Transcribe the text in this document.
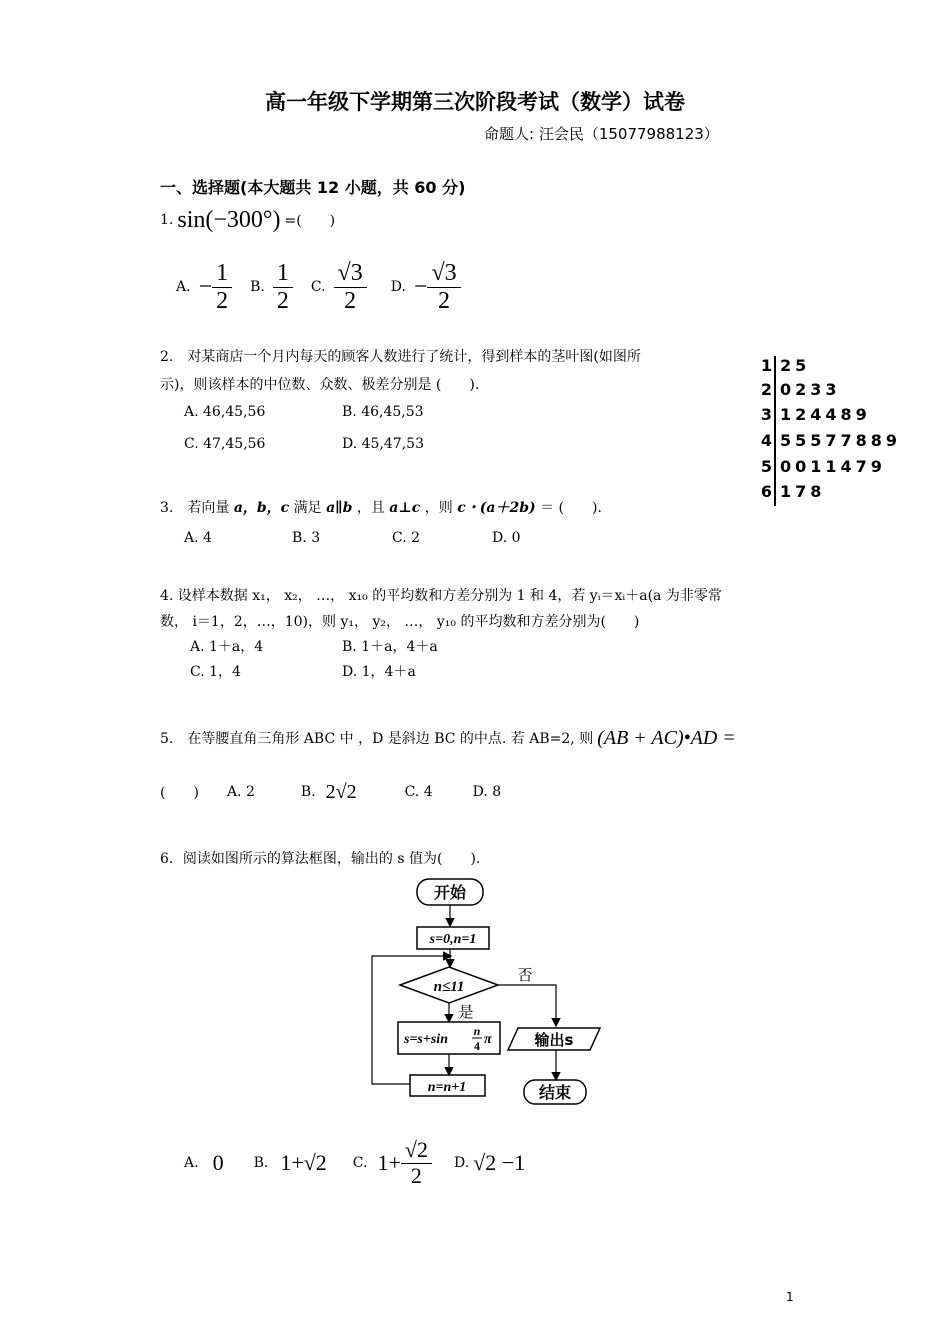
高一年级下学期第三次阶段考试（数学）试卷
命题人: 汪会民（15077988123）
一、选择题(本大题共 12 小题，共 60 分)
1. sin(−300°) =(　　)
A. − $\frac{1}{2} B$. $\frac{1}{2} C$. $\frac{√3}{2} D$. − $\frac{√3}{2}$
2.　对某商店一个月内每天的顾客人数进行了统计，得到样本的茎叶图(如图所
示)，则该样本的中位数、众数、极差分别是 (　　).
A. 46,45,56	B. 46,45,53
C. 47,45,56	D. 45,47,53
1 25
2 0233
3 124489
4 55577889
5 0011479
6 178
3.　若向量 a，b，c 满足 a∥b ，且 a⊥c ，则 c・(a＋2b) ＝ (　　).
A. 4	B. 3	C. 2	D. 0
4. 设样本数据 x₁， x₂， …， x₁₀ 的平均数和方差分别为 1 和 4，若 yᵢ＝xᵢ＋a(a 为非零常
数， i＝1，2，…，10)，则 y₁， y₂， …， y₁₀ 的平均数和方差分别为(　　)
A. 1＋a，4	B. 1＋a，4＋a
C. 1，4	D. 1，4＋a
5.　在等腰直角三角形 ABC 中 ，D 是斜边 BC 的中点. 若 AB=2, 则 (AB + AC)•AD =
(　　) A. 2	B. 2√2	C. 4	D. 8
6．阅读如图所示的算法框图，输出的 s 值为(　　).
开始
s=0,n=1
n≤11
否
是
s=s+sin
n
4 π
n=n+1
输出s
结束
A. 0 B. 1+√2 C. $1+ \frac{√2}{2} D$. √2 −1
1
